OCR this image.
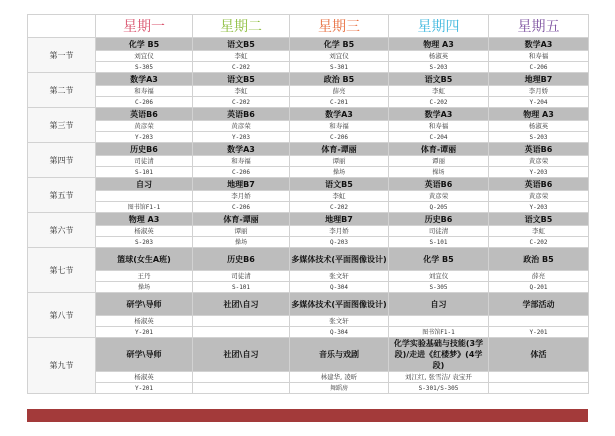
	星期一	星期二	星期三	星期四	星期五
第一节	化学 B5	语文B5	化学 B5	物理 A3	数学A3
	刘宜仪	李虹	刘宜仪	杨淑英	和寿福
	S-305	C-202	S-301	S-203	C-206
第二节	数学A3	语文B5	政治 B5	语文B5	地理B7
	和寿福	李虹	薛亮	李虹	李月娇
	C-206	C-202	C-201	C-202	Y-204
第三节	英语B6	英语B6	数学A3	数学A3	物理 A3
	黄彦荣	黄彦荣	和寿福	和寿福	杨淑英
	Y-203	Y-203	C-206	C-204	S-203
第四节	历史B6	数学A3	体育-谭丽	体育-谭丽	英语B6
	司徒清	和寿福	谭丽	谭丽	黄彦荣
	S-101	C-206	操场	操场	Y-203
第五节	自习	地理B7	语文B5	英语B6	英语B6
		李月娇	李虹	黄彦荣	黄彦荣
	图书馆F1-1	C-206	C-202	Q-205	Y-203
第六节	物理 A3	体育-谭丽	地理B7	历史B6	语文B5
	杨淑英	谭丽	李月娇	司徒清	李虹
	S-203	操场	Q-203	S-101	C-202
第七节	篮球(女生A班)	历史B6	多媒体技术(平面图像设计)	化学 B5	政治 B5
	王丹	司徒清	张文轩	刘宜仪	薛亮
	操场	S-101	Q-304	S-305	Q-201
第八节	研学\导师	社团\自习	多媒体技术(平面图像设计)	自习	学部活动
	杨淑英		张文轩		
	Y-201		Q-304	图书馆F1-1	Y-201
第九节	研学\导师	社团\自习	音乐与戏剧	化学实验基础与技能(3学段)/走进《红楼梦》(4学段)	体活
	杨淑英		林建华, 凌昕	刘江红, 张雪洁/ 袁宝开	
	Y-201		舞蹈房	S-301/S-305	
